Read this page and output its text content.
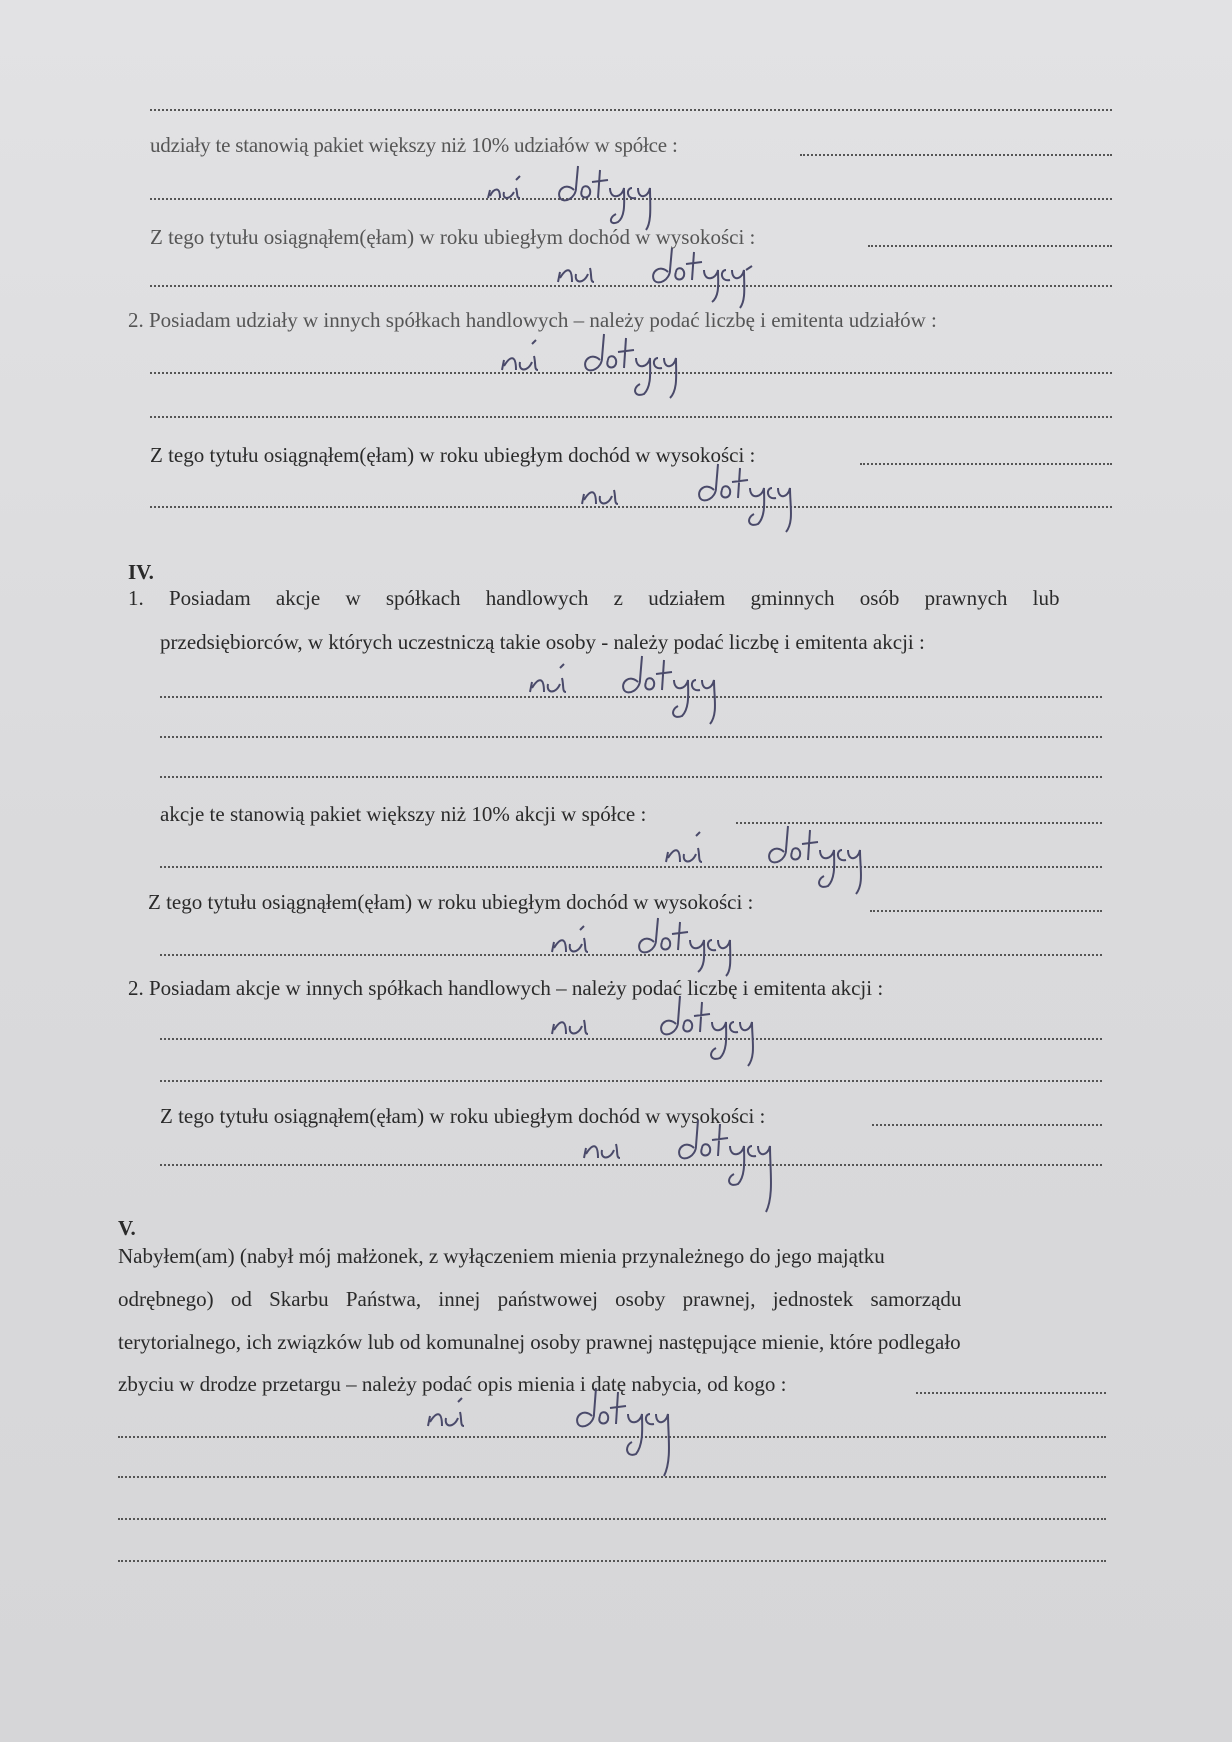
udziały te stanowią pakiet większy niż 10% udziałów w spółce :
Z tego tytułu osiągnąłem(ęłam) w roku ubiegłym dochód w wysokości :
2. Posiadam udziały w innych spółkach handlowych – należy podać liczbę i emitenta udziałów :
Z tego tytułu osiągnąłem(ęłam) w roku ubiegłym dochód w wysokości :
IV.
1. Posiadam akcje w spółkach handlowych z udziałem gminnych osób prawnych lub
przedsiębiorców, w których uczestniczą takie osoby - należy podać liczbę i emitenta akcji :
akcje te stanowią pakiet większy niż 10% akcji w spółce :
Z tego tytułu osiągnąłem(ęłam) w roku ubiegłym dochód w wysokości :
2. Posiadam akcje w innych spółkach handlowych – należy podać liczbę i emitenta akcji :
Z tego tytułu osiągnąłem(ęłam) w roku ubiegłym dochód w wysokości :
V.
Nabyłem(am) (nabył mój małżonek, z wyłączeniem mienia przynależnego do jego majątku
odrębnego) od Skarbu Państwa, innej państwowej osoby prawnej, jednostek samorządu
terytorialnego, ich związków lub od komunalnej osoby prawnej następujące mienie, które podlegało
zbyciu w drodze przetargu – należy podać opis mienia i datę nabycia, od kogo :
